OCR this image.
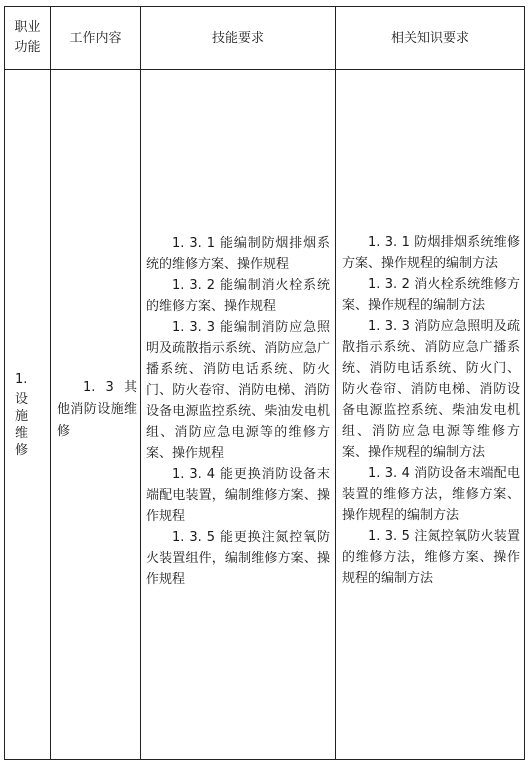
职业
功能
工作内容	技能要求	相关知识要求
1.
设施维修

1. 3 其他消防设施维修

1. 3. 1 能编制防烟排烟系统的维修方案、操作规程

1. 3. 2 能编制消火栓系统的维修方案、操作规程

1. 3. 3 能编制消防应急照明及疏散指示系统、消防应急广播系统、消防电话系统、防火门、防火卷帘、消防电梯、消防设备电源监控系统、柴油发电机组、消防应急电源等的维修方案、操作规程

1. 3. 4 能更换消防设备末端配电装置，编制维修方案、操作规程

1. 3. 5 能更换注氮控氧防火装置组件，编制维修方案、操作规程

1. 3. 1 防烟排烟系统维修方案、操作规程的编制方法

1. 3. 2 消火栓系统维修方案、操作规程的编制方法

1. 3. 3 消防应急照明及疏散指示系统、消防应急广播系统、消防电话系统、防火门、防火卷帘、消防电梯、消防设备电源监控系统、柴油发电机组、消防应急电源等维修方案、操作规程的编制方法

1. 3. 4 消防设备末端配电装置的维修方法，维修方案、操作规程的编制方法

1. 3. 5 注氮控氧防火装置的维修方法，维修方案、操作规程的编制方法
